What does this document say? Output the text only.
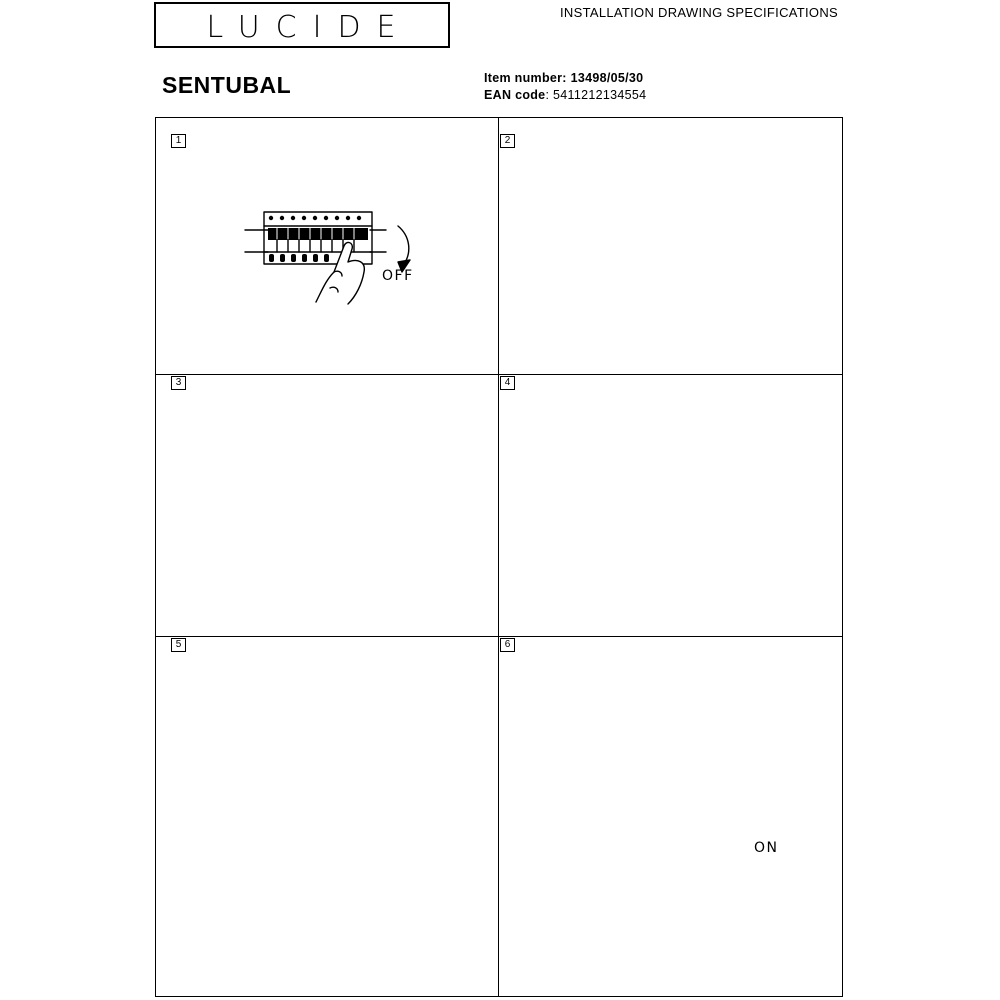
LUCIDE	INSTALLATION DRAWING SPECIFICATIONS
SENTUBAL	Item number: 13498/05/30
EAN code: 5411212134554
1	2
3	4
5	6
OFF
ON
